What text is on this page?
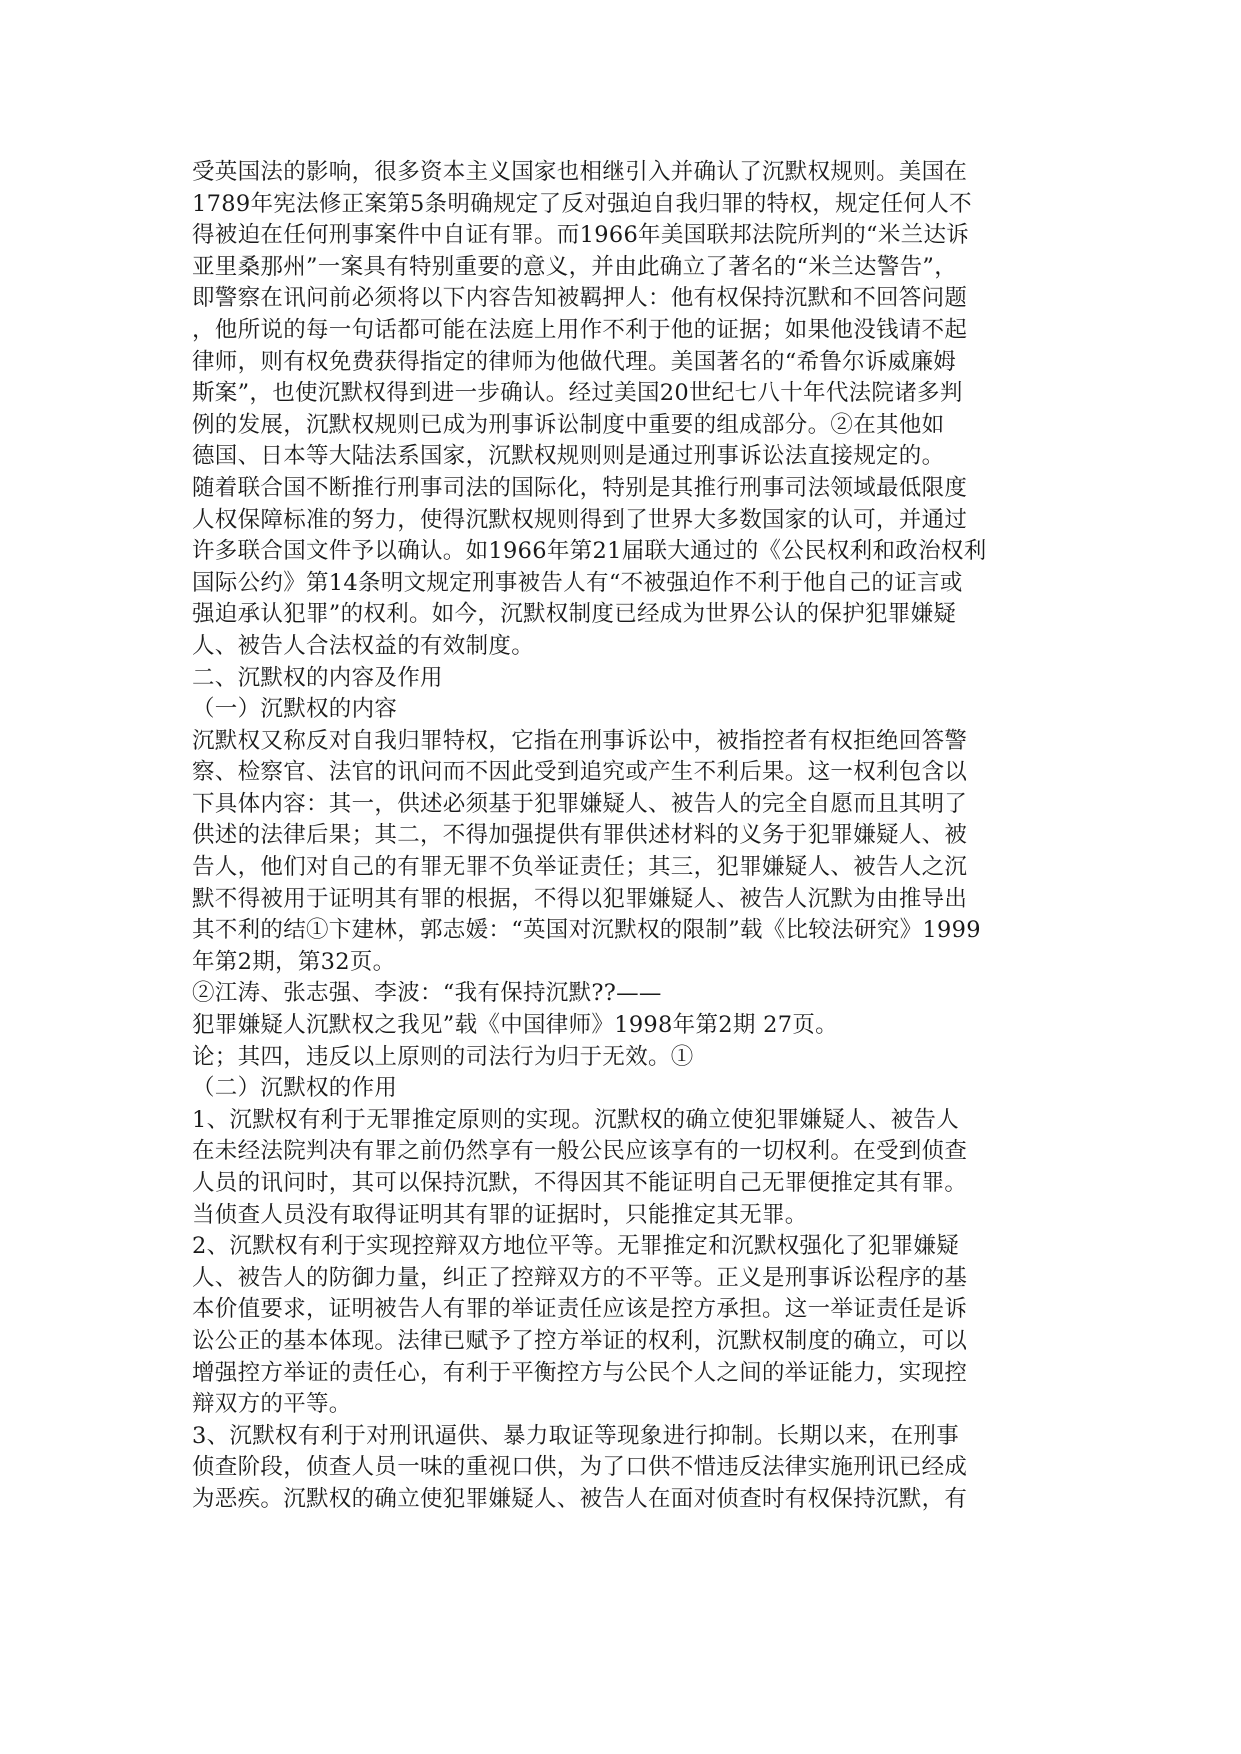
受英国法的影响，很多资本主义国家也相继引入并确认了沉默权规则。美国在
1789年宪法修正案第5条明确规定了反对强迫自我归罪的特权，规定任何人不
得被迫在任何刑事案件中自证有罪。而1966年美国联邦法院所判的“米兰达诉
亚里桑那州”一案具有特别重要的意义，并由此确立了著名的“米兰达警告”，
即警察在讯问前必须将以下内容告知被羁押人：他有权保持沉默和不回答问题
，他所说的每一句话都可能在法庭上用作不利于他的证据；如果他没钱请不起
律师，则有权免费获得指定的律师为他做代理。美国著名的“希鲁尔诉威廉姆
斯案”，也使沉默权得到进一步确认。经过美国20世纪七八十年代法院诸多判
例的发展，沉默权规则已成为刑事诉讼制度中重要的组成部分。②在其他如
德国、日本等大陆法系国家，沉默权规则则是通过刑事诉讼法直接规定的。
随着联合国不断推行刑事司法的国际化，特别是其推行刑事司法领域最低限度
人权保障标准的努力，使得沉默权规则得到了世界大多数国家的认可，并通过
许多联合国文件予以确认。如1966年第21届联大通过的《公民权利和政治权利
国际公约》第14条明文规定刑事被告人有“不被强迫作不利于他自己的证言或
强迫承认犯罪”的权利。如今，沉默权制度已经成为世界公认的保护犯罪嫌疑
人、被告人合法权益的有效制度。
二、沉默权的内容及作用
（一）沉默权的内容
沉默权又称反对自我归罪特权，它指在刑事诉讼中，被指控者有权拒绝回答警
察、检察官、法官的讯问而不因此受到追究或产生不利后果。这一权利包含以
下具体内容：其一，供述必须基于犯罪嫌疑人、被告人的完全自愿而且其明了
供述的法律后果；其二，不得加强提供有罪供述材料的义务于犯罪嫌疑人、被
告人，他们对自己的有罪无罪不负举证责任；其三，犯罪嫌疑人、被告人之沉
默不得被用于证明其有罪的根据，不得以犯罪嫌疑人、被告人沉默为由推导出
其不利的结①卞建林，郭志媛：“英国对沉默权的限制”载《比较法研究》1999
年第2期，第32页。
②江涛、张志强、李波：“我有保持沉默??——
犯罪嫌疑人沉默权之我见”载《中国律师》1998年第2期 27页。
论；其四，违反以上原则的司法行为归于无效。①
（二）沉默权的作用
1、沉默权有利于无罪推定原则的实现。沉默权的确立使犯罪嫌疑人、被告人
在未经法院判决有罪之前仍然享有一般公民应该享有的一切权利。在受到侦查
人员的讯问时，其可以保持沉默，不得因其不能证明自己无罪便推定其有罪。
当侦查人员没有取得证明其有罪的证据时，只能推定其无罪。
2、沉默权有利于实现控辩双方地位平等。无罪推定和沉默权强化了犯罪嫌疑
人、被告人的防御力量，纠正了控辩双方的不平等。正义是刑事诉讼程序的基
本价值要求，证明被告人有罪的举证责任应该是控方承担。这一举证责任是诉
讼公正的基本体现。法律已赋予了控方举证的权利，沉默权制度的确立，可以
增强控方举证的责任心，有利于平衡控方与公民个人之间的举证能力，实现控
辩双方的平等。
3、沉默权有利于对刑讯逼供、暴力取证等现象进行抑制。长期以来，在刑事
侦查阶段，侦查人员一味的重视口供，为了口供不惜违反法律实施刑讯已经成
为恶疾。沉默权的确立使犯罪嫌疑人、被告人在面对侦查时有权保持沉默，有
